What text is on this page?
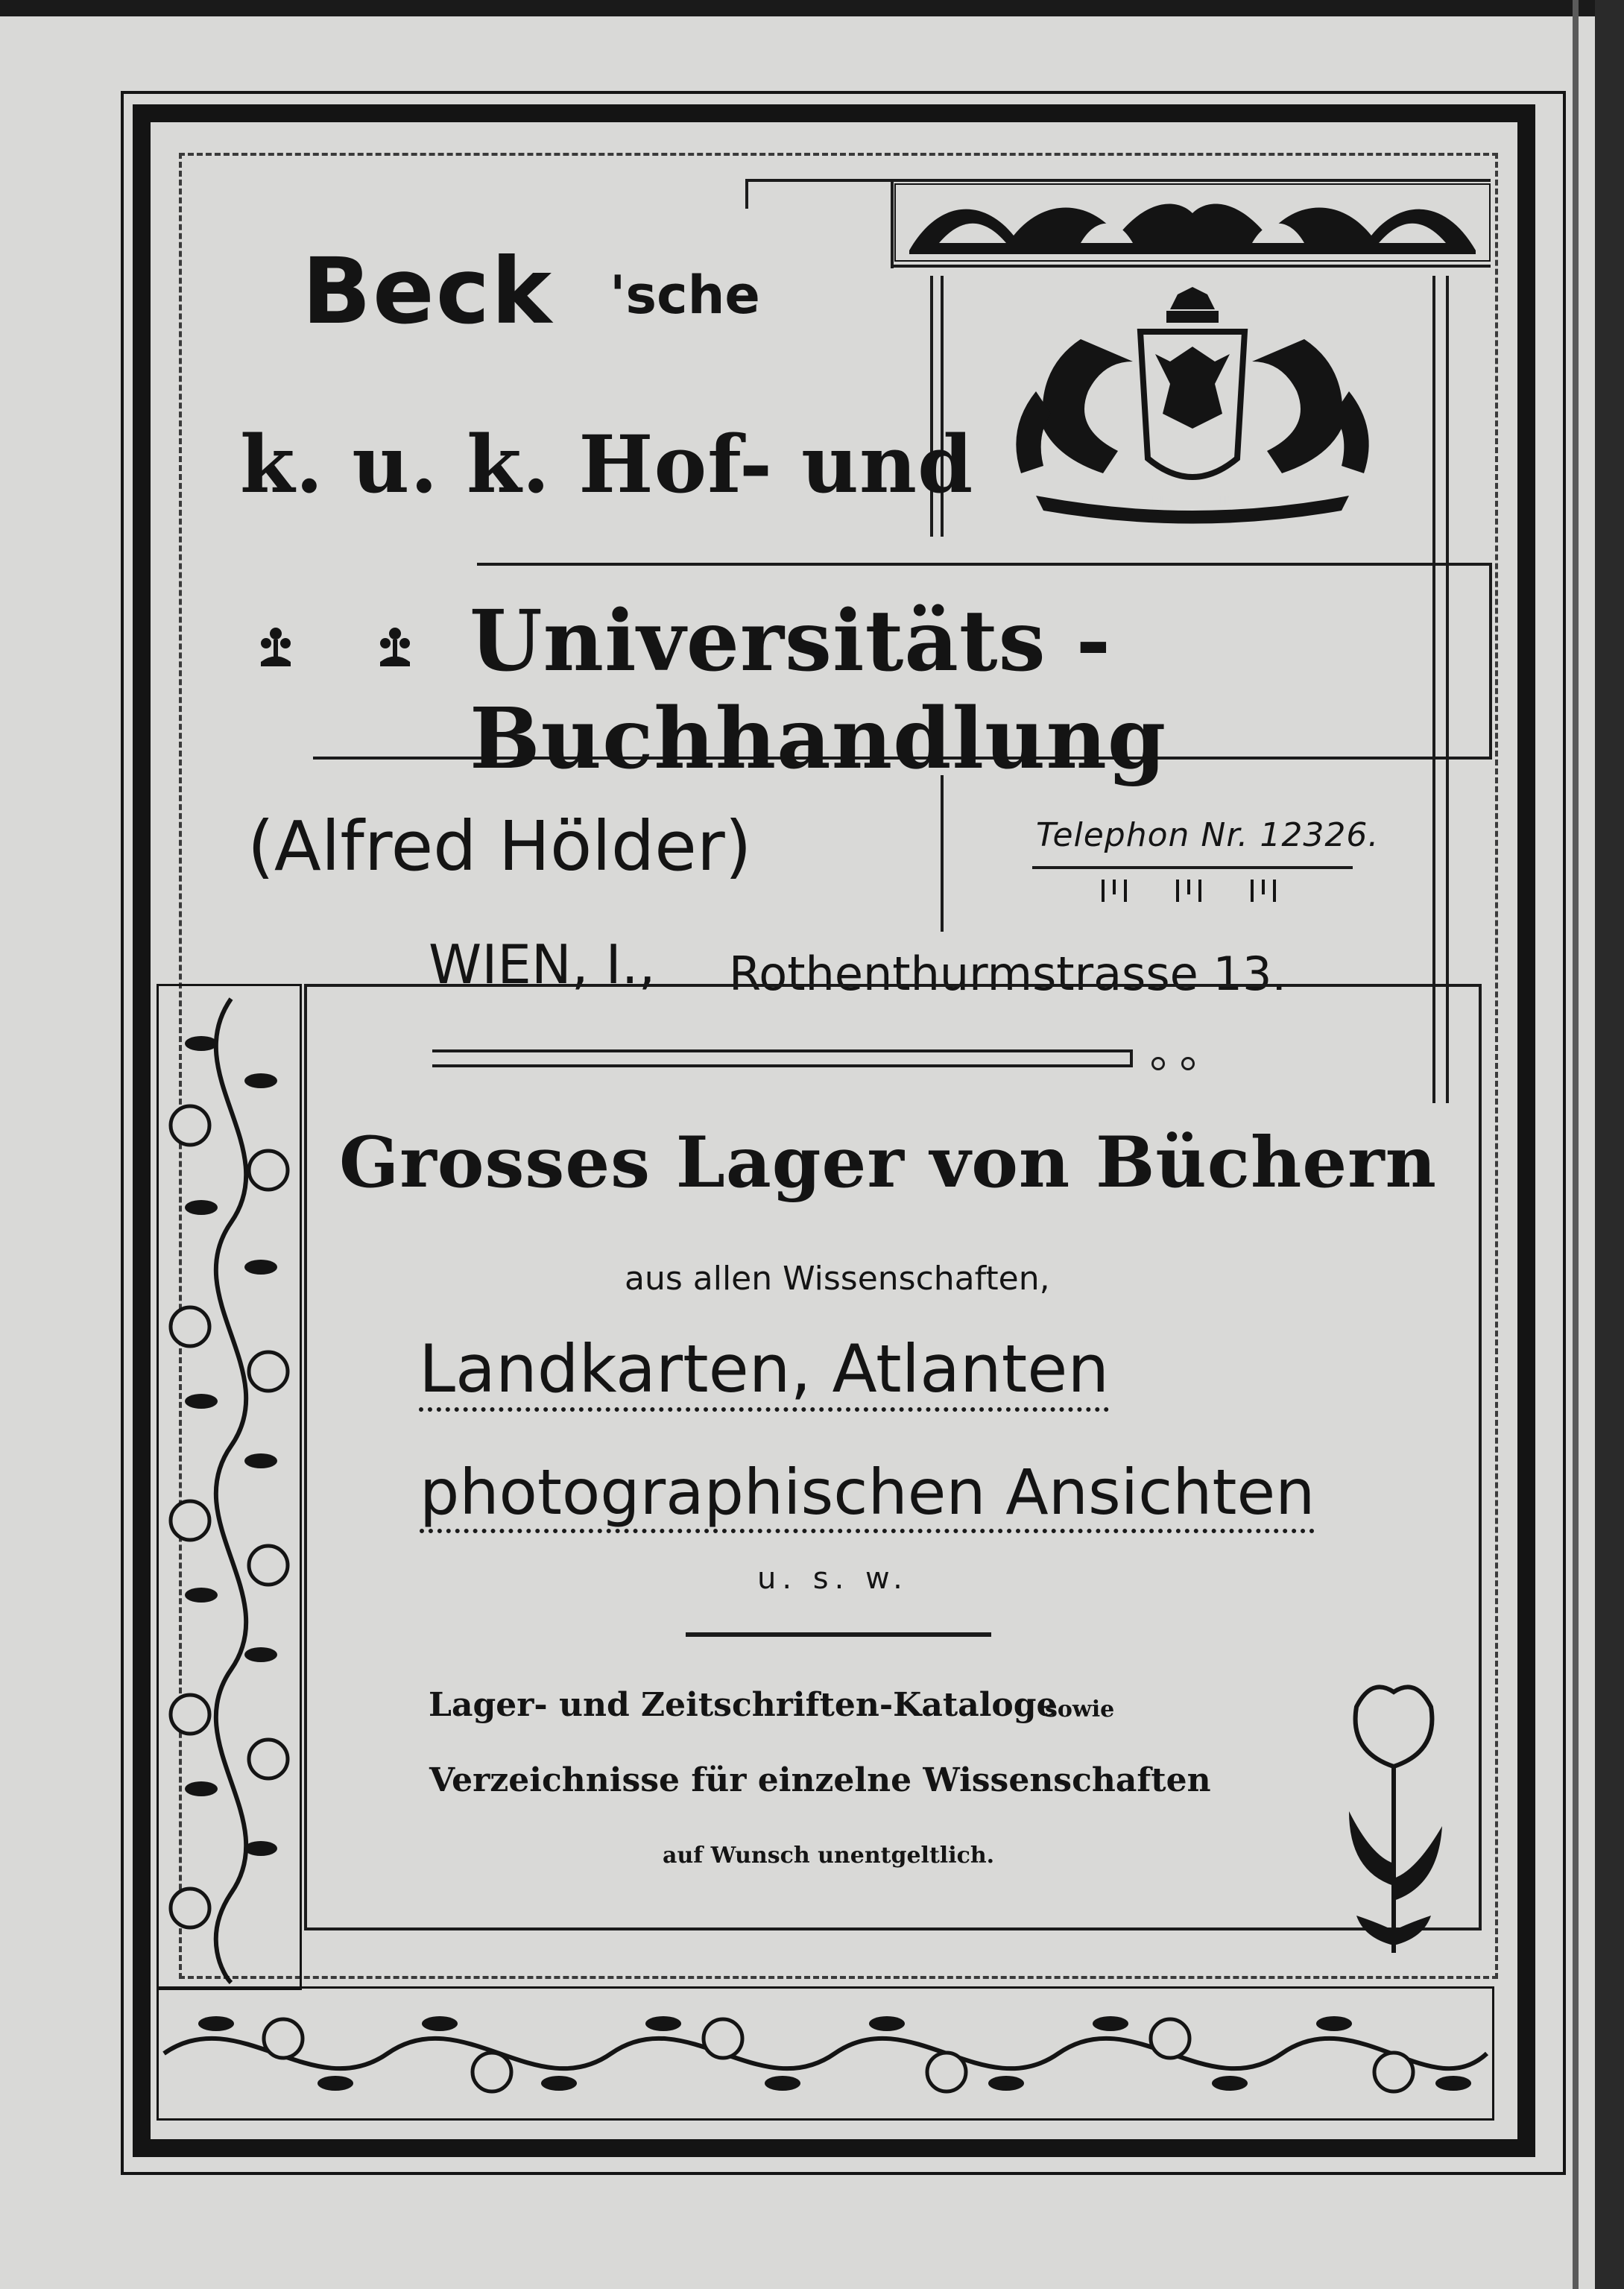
VIRIBUS UNITIS
Beck 'sche
k. u. k. Hof- und
Universitäts - Buchhandlung
(Alfred Hölder)	Telephon Nr. 12326.
WIEN, I., Rothenthurmstrasse 13.
Grosses Lager von Büchern
aus allen Wissenschaften,
Landkarten, Atlanten
photographischen Ansichten
u. s. w.
Lager- und Zeitschriften-Kataloge
sowie
Verzeichnisse für einzelne Wissenschaften
auf Wunsch unentgeltlich.
